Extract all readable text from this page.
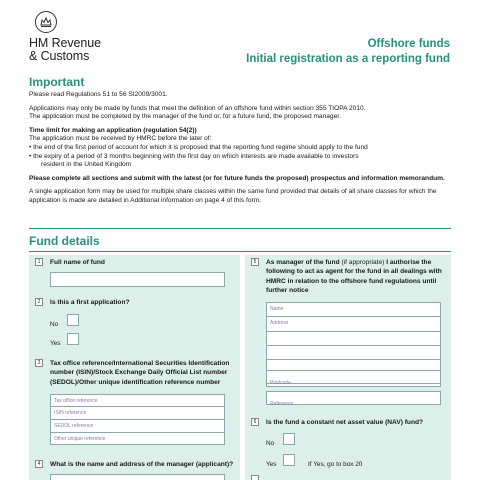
HM Revenue
& Customs
Offshore funds
Initial registration as a reporting fund
Important

Please read Regulations 51 to 56 SI2009/3001.

Applications may only be made by funds that meet the definition of an offshore fund within section 355 TIOPA 2010.

The application must be completed by the manager of the fund or, for a future fund, the proposed manager.

Time limit for making an application (regulation 54(2))

The application must be received by HMRC before the later of:

• the end of the first period of account for which it is proposed that the reporting fund regime should apply to the fund
• the expiry of a period of 3 months beginning with the first day on which interests are made available to investors
resident in the United Kingdom

Please complete all sections and submit with the latest (or for future funds the proposed) prospectus and information memorandum.

A single application form may be used for multiple share classes within the same fund provided that details of all share classes for which the application is made are detailed in Additional information on page 4 of this form.

Fund details
1	Full name of fund
2	Is this a first application?
No
Yes
3	Tax office reference/International Securities Identification number (ISIN)/Stock Exchange Daily Official List number (SEDOL)/Other unique identification reference number
Tax office reference
ISIN reference
SEDOL reference
Other unique reference
4	What is the name and address of the manager (applicant)?
5	As manager of the fund (if appropriate) I authorise the following to act as agent for the fund in all dealings with HMRC in relation to the offshore fund regulations until further notice
Name
Address
Postcode
Reference
6	Is the fund a constant net asset value (NAV) fund?
No
Yes	If Yes, go to box 20
